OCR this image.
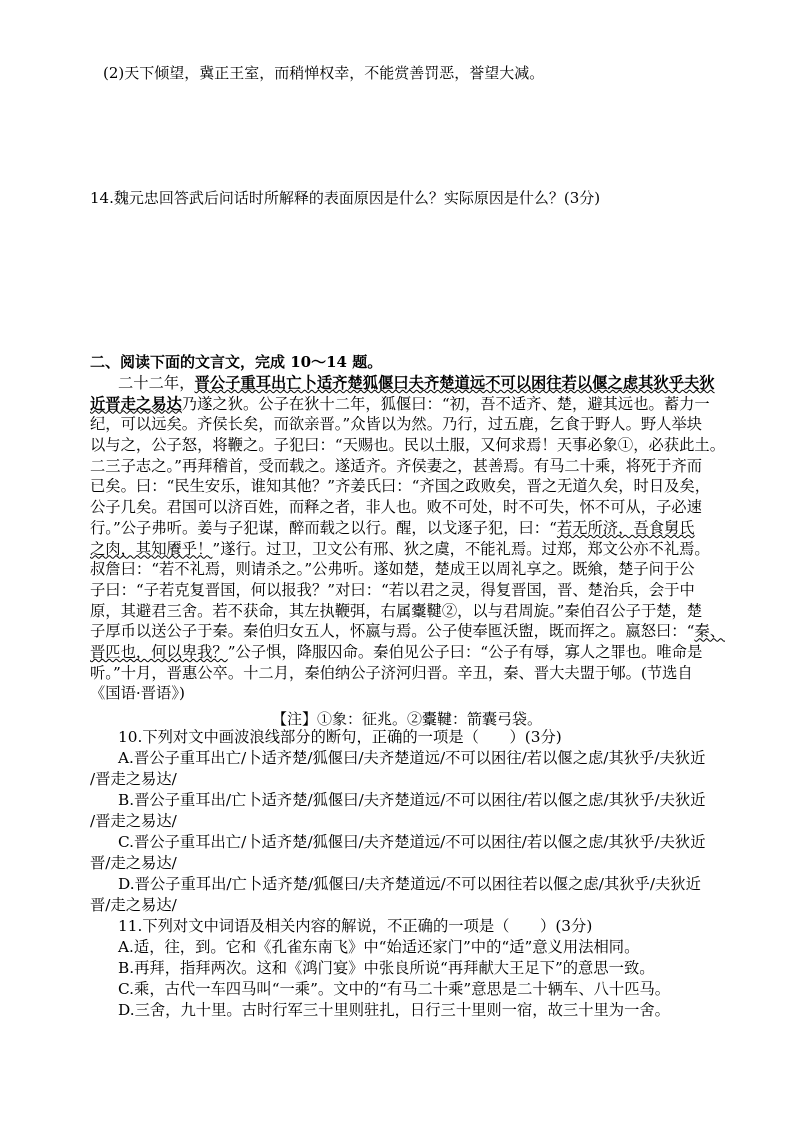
(2)天下倾望，冀正王室，而稍惮权幸，不能赏善罚恶，誉望大减。
14.魏元忠回答武后问话时所解释的表面原因是什么？实际原因是什么？(3分)
二、阅读下面的文言文，完成 10～14 题。
二十二年，晋公子重耳出亡卜适齐楚狐偃曰夫齐楚道远不可以困往若以偃之虑其狄乎夫狄
近晋走之易达乃遂之狄。公子在狄十二年，狐偃曰：“初，吾不适齐、楚，避其远也。蓄力一
纪，可以远矣。齐侯长矣，而欲亲晋。”众皆以为然。乃行，过五鹿，乞食于野人。野人举块
以与之，公子怒，将鞭之。子犯曰：“天赐也。民以土服，又何求焉！天事必象①，必获此土。
二三子志之。”再拜稽首，受而载之。遂适齐。齐侯妻之，甚善焉。有马二十乘，将死于齐而
已矣。曰：“民生安乐，谁知其他？”齐姜氏曰：“齐国之政败矣，晋之无道久矣，时日及矣，
公子几矣。君国可以济百姓，而释之者，非人也。败不可处，时不可失，怀不可从，子必速
行。”公子弗听。姜与子犯谋，醉而载之以行。醒，以戈逐子犯，曰：“若无所济，吾食舅氏
之肉，其知餍乎！”遂行。过卫，卫文公有邢、狄之虞，不能礼焉。过郑，郑文公亦不礼焉。
叔詹曰：“若不礼焉，则请杀之。”公弗听。遂如楚，楚成王以周礼享之。既飨，楚子问于公
子曰：“子若克复晋国，何以报我？”对曰：“若以君之灵，得复晋国，晋、楚治兵，会于中
原，其避君三舍。若不获命，其左执鞭弭，右属櫜鞬②，以与君周旋。”秦伯召公子于楚，楚
子厚币以送公子于秦。秦伯归女五人，怀嬴与焉。公子使奉匜沃盥，既而挥之。嬴怒曰：“秦、
晋匹也，何以卑我？”公子惧，降服囚命。秦伯见公子曰：“公子有辱，寡人之罪也。唯命是
听。”十月，晋惠公卒。十二月，秦伯纳公子济河归晋。辛丑，秦、晋大夫盟于郇。(节选自
《国语·晋语》)
【注】①象：征兆。②櫜鞬：箭囊弓袋。
10.下列对文中画波浪线部分的断句，正确的一项是（　　）(3分)
A.晋公子重耳出亡/卜适齐楚/狐偃曰/夫齐楚道远/不可以困往/若以偃之虑/其狄乎/夫狄近
/晋走之易达/
B.晋公子重耳出/亡卜适齐楚/狐偃曰/夫齐楚道远/不可以困往/若以偃之虑/其狄乎/夫狄近
/晋走之易达/
C.晋公子重耳出亡/卜适齐楚/狐偃曰/夫齐楚道远/不可以困往/若以偃之虑/其狄乎/夫狄近
晋/走之易达/
D.晋公子重耳出/亡卜适齐楚/狐偃曰/夫齐楚道远/不可以困往若以偃之虑/其狄乎/夫狄近
晋/走之易达/
11.下列对文中词语及相关内容的解说，不正确的一项是（　　）(3分)
A.适，往，到。它和《孔雀东南飞》中“始适还家门”中的“适”意义用法相同。
B.再拜，指拜两次。这和《鸿门宴》中张良所说“再拜献大王足下”的意思一致。
C.乘，古代一车四马叫“一乘”。文中的“有马二十乘”意思是二十辆车、八十匹马。
D.三舍，九十里。古时行军三十里则驻扎，日行三十里则一宿，故三十里为一舍。
